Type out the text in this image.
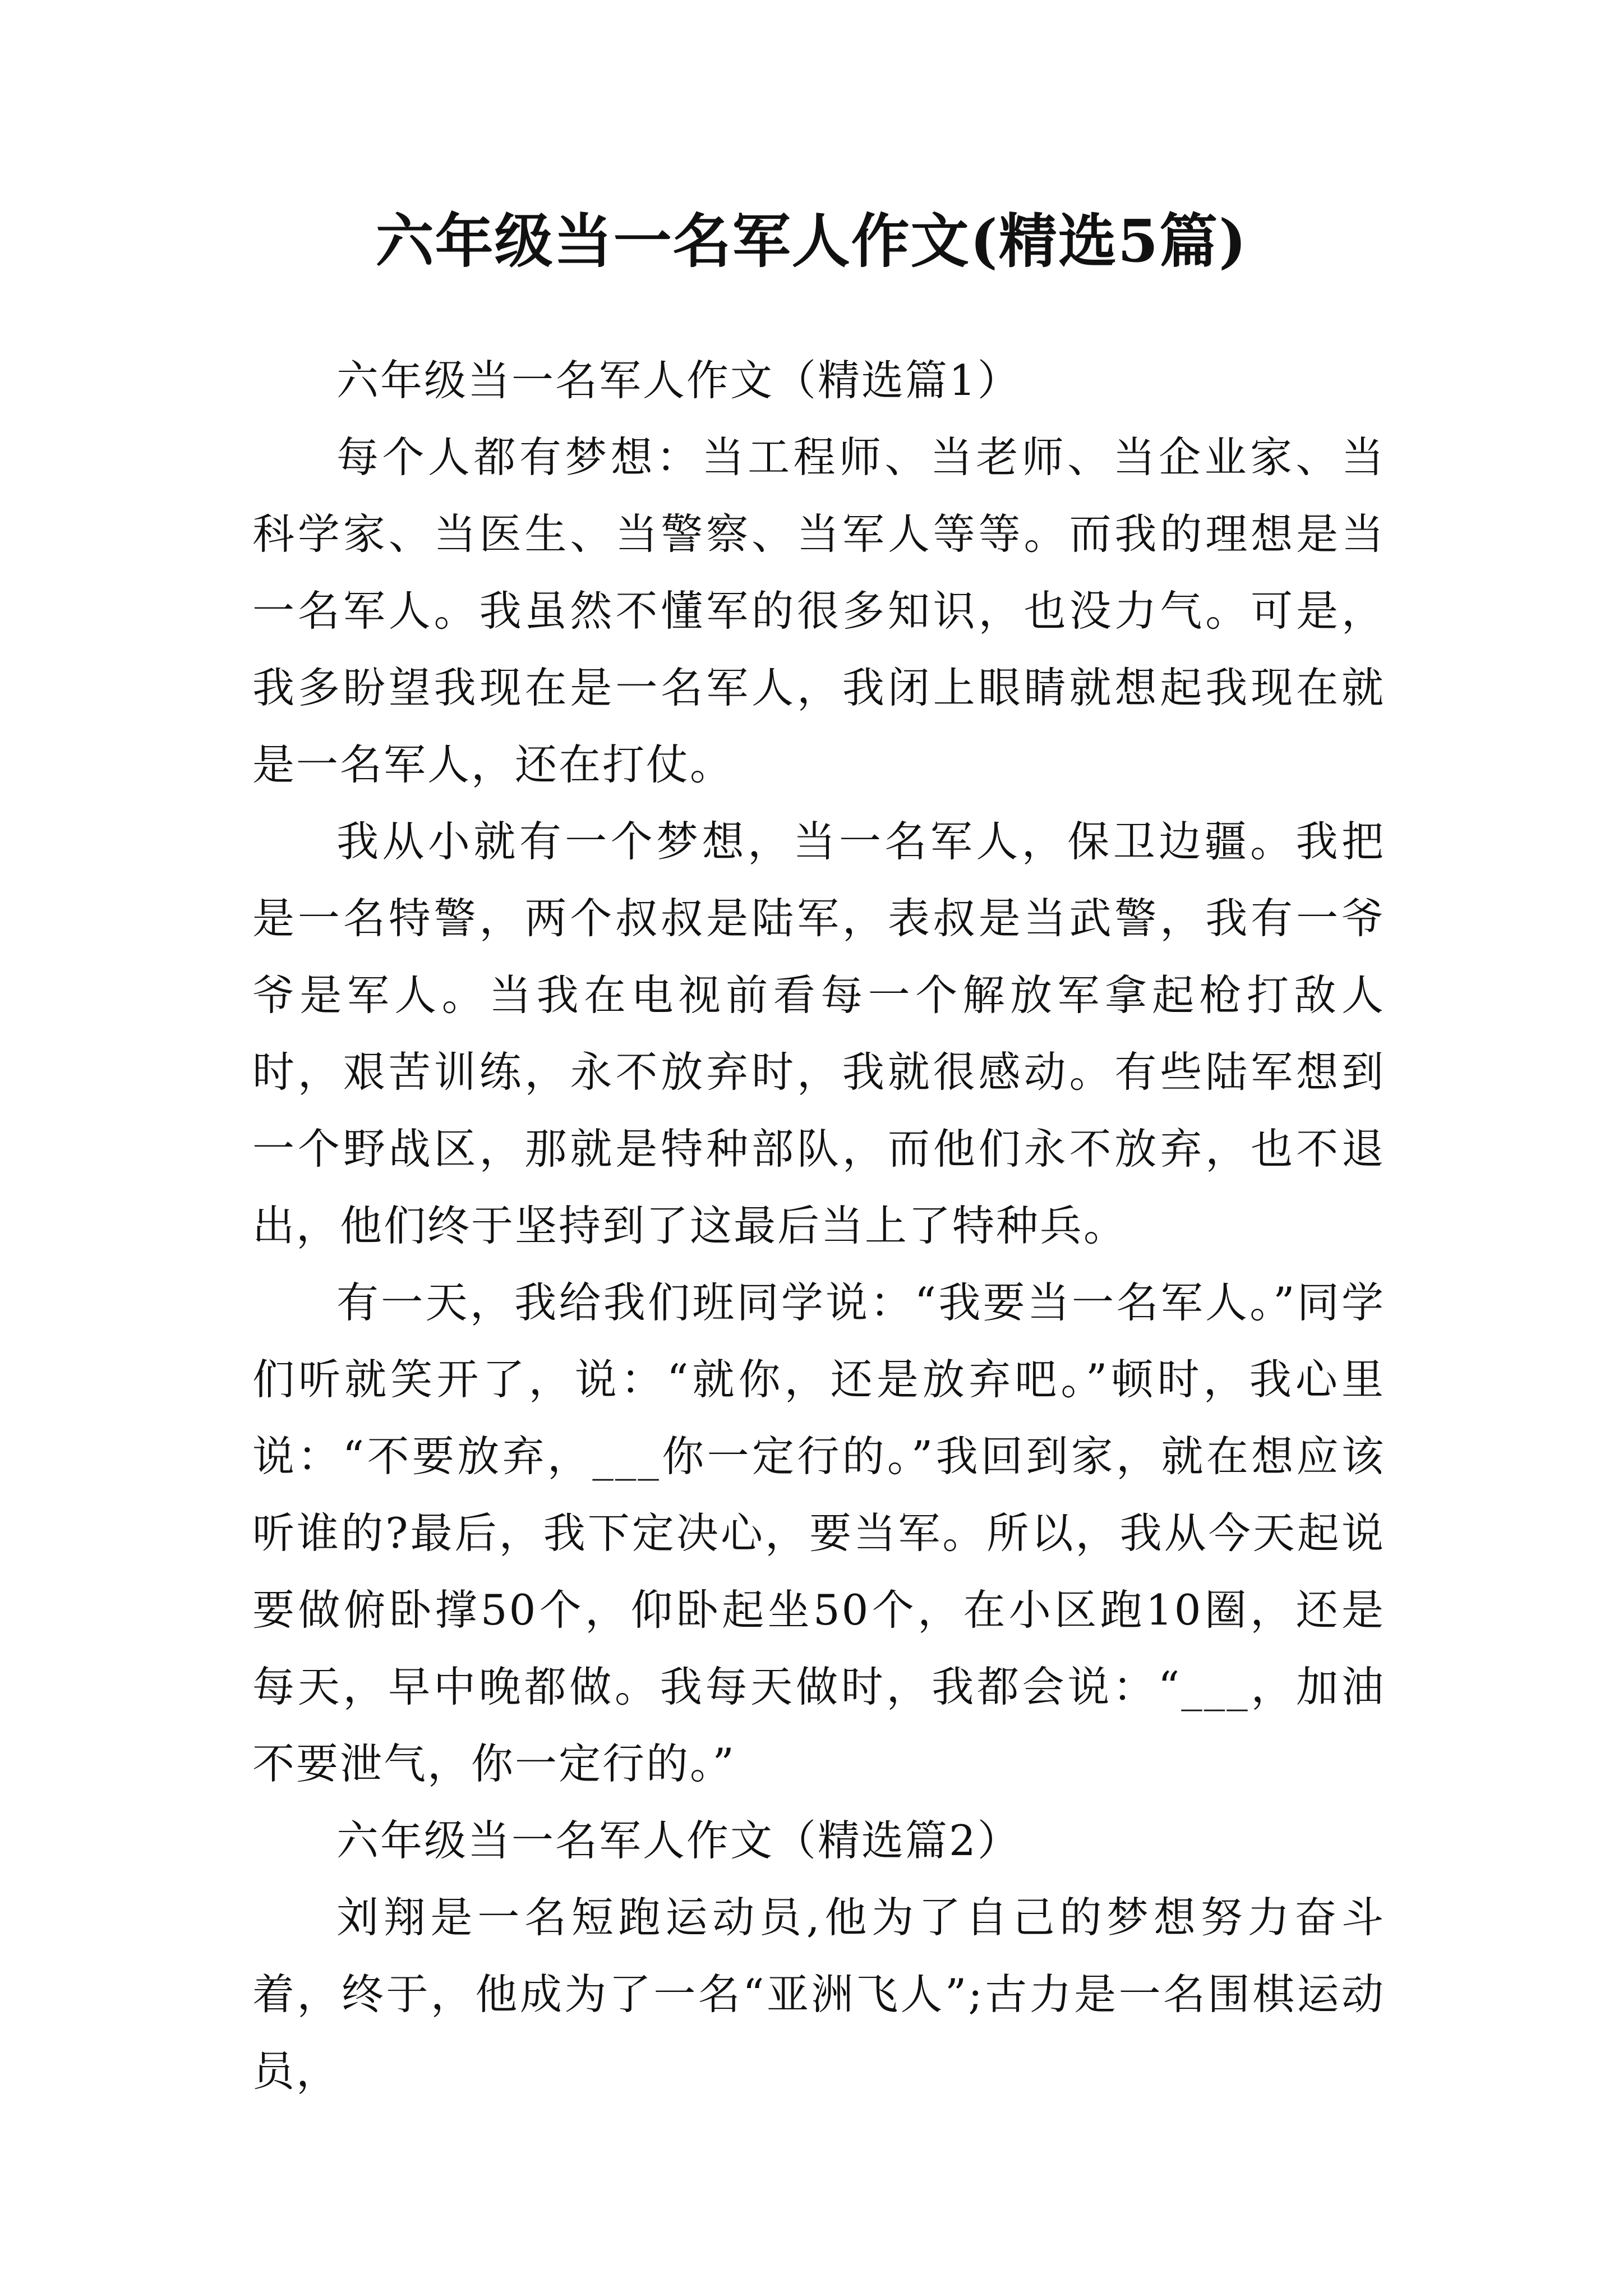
六年级当一名军人作文(精选5篇)

六年级当一名军人作文（精选篇1）

每个人都有梦想：当工程师、当老师、当企业家、当科学家、当医生、当警察、当军人等等。而我的理想是当一名军人。我虽然不懂军的很多知识，也没力气。可是，我多盼望我现在是一名军人，我闭上眼睛就想起我现在就是一名军人，还在打仗。

我从小就有一个梦想，当一名军人，保卫边疆。我把是一名特警，两个叔叔是陆军，表叔是当武警，我有一爷爷是军人。当我在电视前看每一个解放军拿起枪打敌人时，艰苦训练，永不放弃时，我就很感动。有些陆军想到一个野战区，那就是特种部队，而他们永不放弃，也不退出，他们终于坚持到了这最后当上了特种兵。

有一天，我给我们班同学说：“我要当一名军人。”同学们听就笑开了，说：“就你，还是放弃吧。”顿时，我心里说：“不要放弃，___你一定行的。”我回到家，就在想应该听谁的?最后，我下定决心，要当军。所以，我从今天起说要做俯卧撑50个，仰卧起坐50个，在小区跑10圈，还是每天，早中晚都做。我每天做时，我都会说：“___，加油不要泄气，你一定行的。”

六年级当一名军人作文（精选篇2）

刘翔是一名短跑运动员,他为了自己的梦想努力奋斗着，终于，他成为了一名“亚洲飞人”;古力是一名围棋运动员，
